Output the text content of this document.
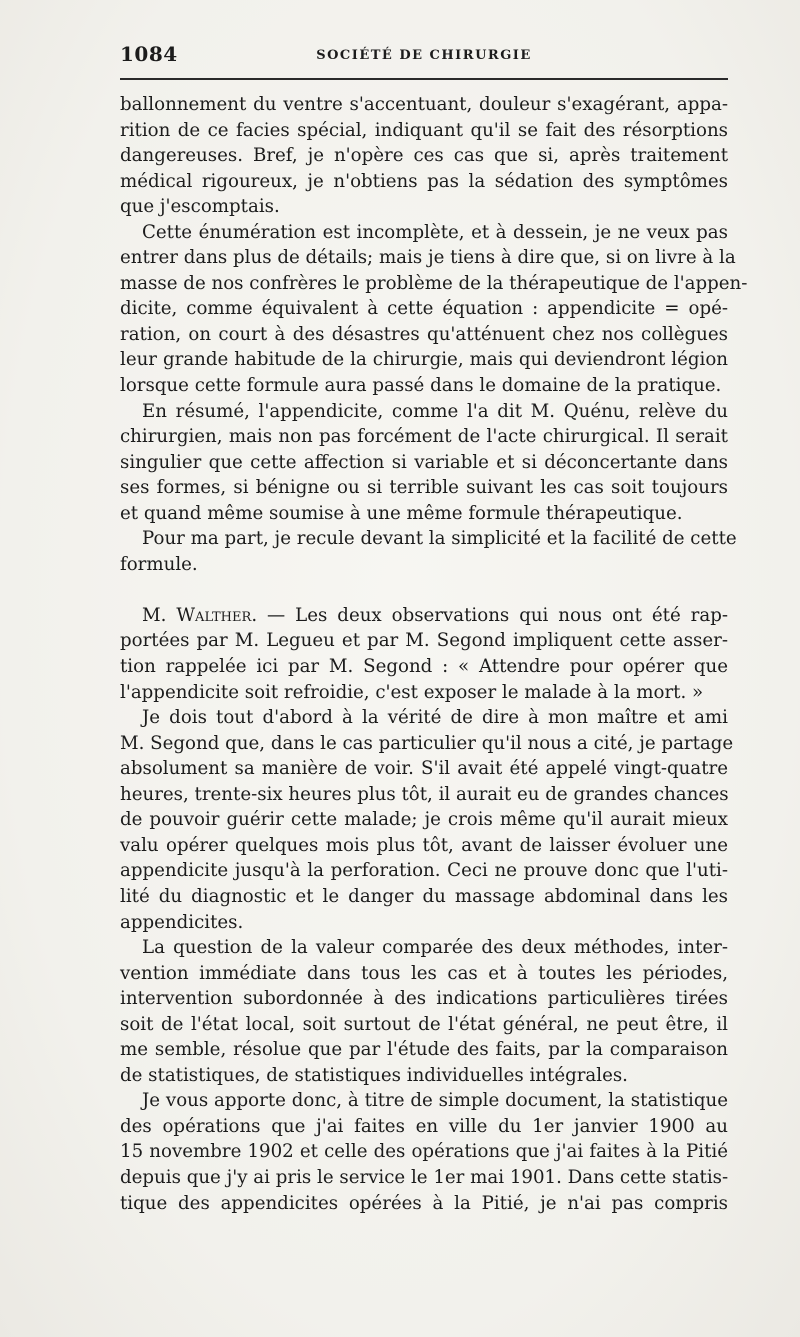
1084	SOCIÉTÉ DE CHIRURGIE
ballonnement du ventre s'accentuant, douleur s'exagérant, appa-
rition de ce facies spécial, indiquant qu'il se fait des résorptions
dangereuses. Bref, je n'opère ces cas que si, après traitement
médical rigoureux, je n'obtiens pas la sédation des symptômes
que j'escomptais.
Cette énumération est incomplète, et à dessein, je ne veux pas
entrer dans plus de détails; mais je tiens à dire que, si on livre à la
masse de nos confrères le problème de la thérapeutique de l'appen-
dicite, comme équivalent à cette équation : appendicite = opé-
ration, on court à des désastres qu'atténuent chez nos collègues
leur grande habitude de la chirurgie, mais qui deviendront légion
lorsque cette formule aura passé dans le domaine de la pratique.
En résumé, l'appendicite, comme l'a dit M. Quénu, relève du
chirurgien, mais non pas forcément de l'acte chirurgical. Il serait
singulier que cette affection si variable et si déconcertante dans
ses formes, si bénigne ou si terrible suivant les cas soit toujours
et quand même soumise à une même formule thérapeutique.
Pour ma part, je recule devant la simplicité et la facilité de cette
formule.
M. Walther. — Les deux observations qui nous ont été rap-
portées par M. Legueu et par M. Segond impliquent cette asser-
tion rappelée ici par M. Segond : « Attendre pour opérer que
l'appendicite soit refroidie, c'est exposer le malade à la mort. »
Je dois tout d'abord à la vérité de dire à mon maître et ami
M. Segond que, dans le cas particulier qu'il nous a cité, je partage
absolument sa manière de voir. S'il avait été appelé vingt-quatre
heures, trente-six heures plus tôt, il aurait eu de grandes chances
de pouvoir guérir cette malade; je crois même qu'il aurait mieux
valu opérer quelques mois plus tôt, avant de laisser évoluer une
appendicite jusqu'à la perforation. Ceci ne prouve donc que l'uti-
lité du diagnostic et le danger du massage abdominal dans les
appendicites.
La question de la valeur comparée des deux méthodes, inter-
vention immédiate dans tous les cas et à toutes les périodes,
intervention subordonnée à des indications particulières tirées
soit de l'état local, soit surtout de l'état général, ne peut être, il
me semble, résolue que par l'étude des faits, par la comparaison
de statistiques, de statistiques individuelles intégrales.
Je vous apporte donc, à titre de simple document, la statistique
des opérations que j'ai faites en ville du 1er janvier 1900 au
15 novembre 1902 et celle des opérations que j'ai faites à la Pitié
depuis que j'y ai pris le service le 1er mai 1901. Dans cette statis-
tique des appendicites opérées à la Pitié, je n'ai pas compris
